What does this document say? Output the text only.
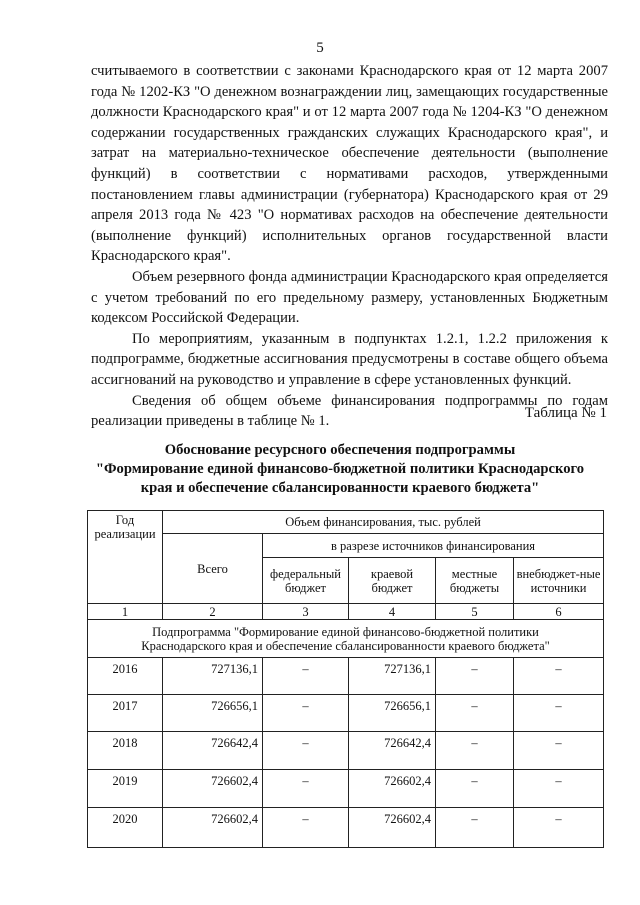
5

считываемого в соответствии с законами Краснодарского края от 12 марта 2007 года № 1202-КЗ "О денежном вознаграждении лиц, замещающих государственные должности Краснодарского края" и от 12 марта 2007 года № 1204-КЗ "О денежном содержании государственных гражданских служащих Краснодарского края", и затрат на материально-техническое обеспечение деятельности (выполнение функций) в соответствии с нормативами расходов, утвержденными постановлением главы администрации (губернатора) Краснодарского края от 29 апреля 2013 года № 423 "О нормативах расходов на обеспечение деятельности (выполнение функций) исполнительных органов государственной власти Краснодарского края".

Объем резервного фонда администрации Краснодарского края определяется с учетом требований по его предельному размеру, установленных Бюджетным кодексом Российской Федерации.

По мероприятиям, указанным в подпунктах 1.2.1, 1.2.2 приложения к подпрограмме, бюджетные ассигнования предусмотрены в составе общего объема ассигнований на руководство и управление в сфере установленных функций.

Сведения об общем объеме финансирования подпрограммы по годам реализации приведены в таблице № 1.

Таблица № 1
Обоснование ресурсного обеспечения подпрограммы
"Формирование единой финансово-бюджетной политики Краснодарского
края и обеспечение сбалансированности краевого бюджета"
Год реализации	Объем финансирования, тыс. рублей				
	Всего	в разрезе источников финансирования			
		федеральный бюджет	краевой бюджет	местные бюджеты	внебюджет-ные источники
1	2	3	4	5	6
Подпрограмма "Формирование единой финансово-бюджетной политики Краснодарского края и обеспечение сбалансированности краевого бюджета"					
2016	727136,1	–	727136,1	–	–
2017	726656,1	–	726656,1	–	–
2018	726642,4	–	726642,4	–	–
2019	726602,4	–	726602,4	–	–
2020	726602,4	–	726602,4	–	–
